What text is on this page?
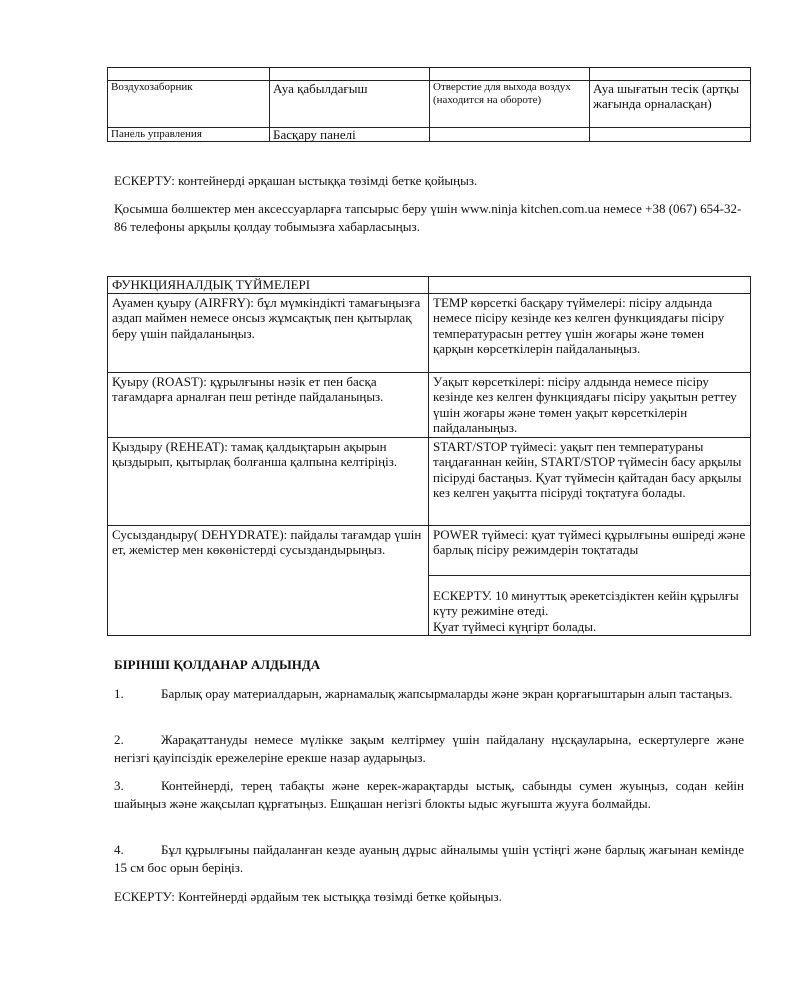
Воздухозаборник	Ауа қабылдағыш	Отверстие для выхода воздух (находится на обороте)	Ауа шығатын тесік (артқы жағында орналасқан)
Панель управления	Басқару панелі		

ЕСКЕРТУ: контейнерді әрқашан ыстыққа төзімді бетке қойыңыз.

Қосымша бөлшектер мен аксессуарларға тапсырыс беру үшін www.ninja kitchen.com.ua немесе +38 (067) 654-32-86 телефоны арқылы қолдау тобымызға хабарласыңыз.

ФУНКЦИЯНАЛДЫҚ ТҮЙМЕЛЕРІ	
Ауамен қуыру (AIRFRY): бұл мүмкіндікті тамағыңызға аздап маймен немесе онсыз жұмсақтық пен қытырлақ беру үшін пайдаланыңыз.	TEMP көрсеткі басқару түймелері: пісіру алдында немесе пісіру кезінде кез келген функциядағы пісіру температурасын реттеу үшін жоғары және төмен қарқын көрсеткілерін пайдаланыңыз.
Қуыру (ROAST): құрылғыны нәзік ет пен басқа тағамдарға арналған пеш ретінде пайдаланыңыз.	Уақыт көрсеткілері: пісіру алдында немесе пісіру кезінде кез келген функциядағы пісіру уақытын реттеу үшін жоғары және төмен уақыт көрсеткілерін пайдаланыңыз.
Қыздыру (REHEAT): тамақ қалдықтарын ақырын қыздырып, қытырлақ болғанша қалпына келтіріңіз.	START/STOP түймесі: уақыт пен температураны таңдағаннан кейін, START/STOP түймесін басу арқылы пісіруді бастаңыз. Қуат түймесін қайтадан басу арқылы кез келген уақытта пісіруді тоқтатуға болады.
Сусыздандыру( DEHYDRATE): пайдалы тағамдар үшін ет, жемістер мен көкөністерді сусыздандырыңыз.	POWER түймесі: қуат түймесі құрылғыны өшіреді және барлық пісіру режимдерін тоқтатады
ЕСКЕРТУ. 10 минуттық әрекетсіздіктен кейін құрылғы күту режиміне өтеді.
Қуат түймесі күңгірт болады.

БІРІНШІ ҚОЛДАНАР АЛДЫНДА

1.	Барлық орау материалдарын, жарнамалық жапсырмаларды және экран қорғағыштарын алып тастаңыз.

2.	Жарақаттануды немесе мүлікке зақым келтірмеу үшін пайдалану нұсқауларына, ескертулерге және негізгі қауіпсіздік ережелеріне ерекше назар аударыңыз.

3.	Контейнерді, терең табақты және керек-жарақтарды ыстық, сабынды сумен жуыңыз, содан кейін шайыңыз және жақсылап құрғатыңыз. Ешқашан негізгі блокты ыдыс жуғышта жууға болмайды.

4.	Бұл құрылғыны пайдаланған кезде ауаның дұрыс айналымы үшін үстіңгі және барлық жағынан кемінде 15 см бос орын беріңіз.

ЕСКЕРТУ: Контейнерді әрдайым тек ыстыққа төзімді бетке қойыңыз.
